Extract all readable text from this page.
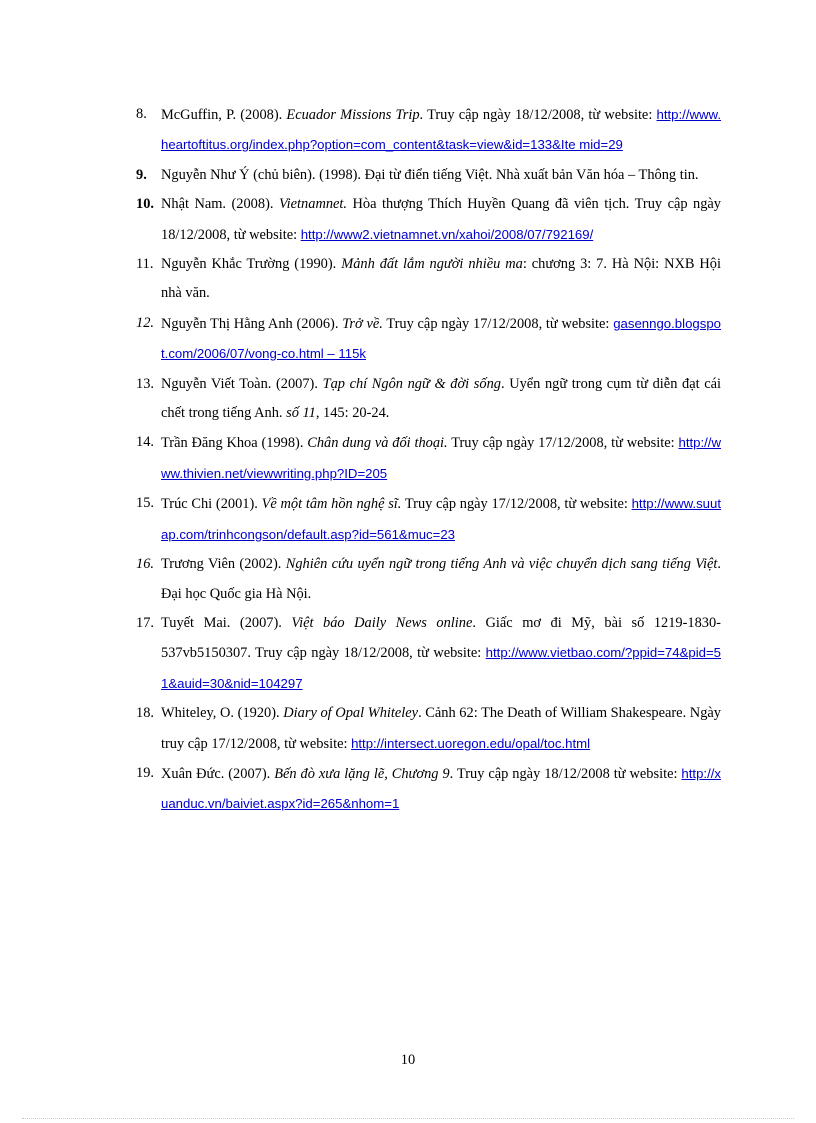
8. McGuffin, P. (2008). Ecuador Missions Trip. Truy cập ngày 18/12/2008, từ website: http://www.heartoftitus.org/index.php?option=com_content&task=view&id=133&Ite mid=29
9. Nguyễn Như Ý (chủ biên). (1998). Đại từ điển tiếng Việt. Nhà xuất bản Văn hóa – Thông tin.
10. Nhật Nam. (2008). Vietnamnet. Hòa thượng Thích Huyền Quang đã viên tịch. Truy cập ngày 18/12/2008, từ website: http://www2.vietnamnet.vn/xahoi/2008/07/792169/
11. Nguyễn Khắc Trường (1990). Mảnh đất lắm người nhiều ma: chương 3: 7. Hà Nội: NXB Hội nhà văn.
12. Nguyễn Thị Hằng Anh (2006). Trở về. Truy cập ngày 17/12/2008, từ website: gasenngo.blogspot.com/2006/07/vong-co.html – 115k
13. Nguyễn Viết Toàn. (2007). Tạp chí Ngôn ngữ & đời sống. Uyển ngữ trong cụm từ diễn đạt cái chết trong tiếng Anh. số 11, 145: 20-24.
14. Trần Đăng Khoa (1998). Chân dung và đối thoại. Truy cập ngày 17/12/2008, từ website: http://www.thivien.net/viewwriting.php?ID=205
15. Trúc Chi (2001). Về một tâm hồn nghệ sĩ. Truy cập ngày 17/12/2008, từ website: http://www.suutap.com/trinhcongson/default.asp?id=561&muc=23
16. Trương Viên (2002). Nghiên cứu uyển ngữ trong tiếng Anh và việc chuyển dịch sang tiếng Việt. Đại học Quốc gia Hà Nội.
17. Tuyết Mai. (2007). Việt báo Daily News online. Giấc mơ đi Mỹ, bài số 1219-1830-537vb5150307. Truy cập ngày 18/12/2008, từ website: http://www.vietbao.com/?ppid=74&pid=51&auid=30&nid=104297
18. Whiteley, O. (1920). Diary of Opal Whiteley. Cảnh 62: The Death of William Shakespeare. Ngày truy cập 17/12/2008, từ website: http://intersect.uoregon.edu/opal/toc.html
19. Xuân Đức. (2007). Bến đò xưa lặng lẽ, Chương 9. Truy cập ngày 18/12/2008 từ website: http://xuanduc.vn/baiviet.aspx?id=265&nhom=1
10
